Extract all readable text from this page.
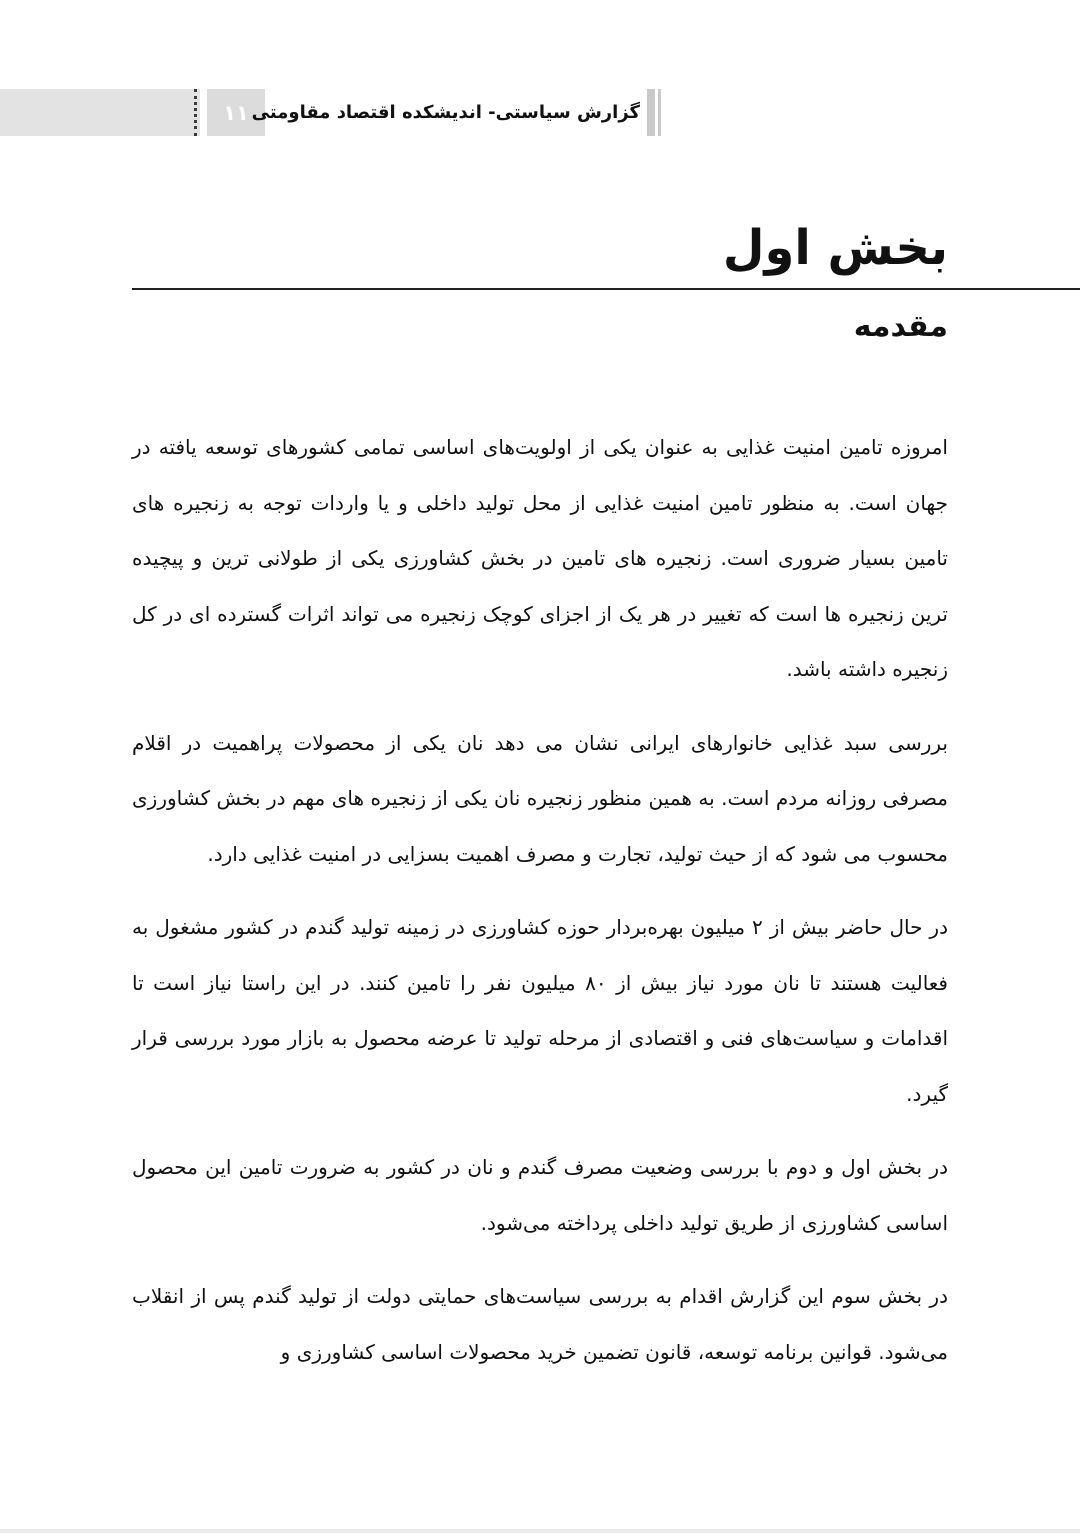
۱۱ گزارش سیاستی- اندیشکده اقتصاد مقاومتی
بخش اول
مقدمه

امروزه تامین امنیت غذایی به عنوان یکی از اولویت‌های اساسی تمامی کشورهای توسعه یافته در جهان است. به منظور تامین امنیت غذایی از محل تولید داخلی و یا واردات توجه به زنجیره های تامین بسیار ضروری است. زنجیره های تامین در بخش کشاورزی یکی از طولانی ترین و پیچیده ترین زنجیره ها است که تغییر در هر یک از اجزای کوچک زنجیره می تواند اثرات گسترده ای در کل زنجیره داشته باشد.

بررسی سبد غذایی خانوارهای ایرانی نشان می دهد نان یکی از محصولات پراهمیت در اقلام مصرفی روزانه مردم است. به همین منظور زنجیره نان یکی از زنجیره های مهم در بخش کشاورزی محسوب می شود که از حیث تولید، تجارت و مصرف اهمیت بسزایی در امنیت غذایی دارد.

در حال حاضر بیش از ۲ میلیون بهره‌بردار حوزه کشاورزی در زمینه تولید گندم در کشور مشغول به فعالیت هستند تا نان مورد نیاز بیش از ۸۰ میلیون نفر را تامین کنند. در این راستا نیاز است تا اقدامات و سیاست‌های فنی و اقتصادی از مرحله تولید تا عرضه محصول به بازار مورد بررسی قرار گیرد.

در بخش اول و دوم با بررسی وضعیت مصرف گندم و نان در کشور به ضرورت تامین این محصول اساسی کشاورزی از طریق تولید داخلی پرداخته می‌شود.

در بخش سوم این گزارش اقدام به بررسی سیاست‌های حمایتی دولت از تولید گندم پس از انقلاب می‌شود. قوانین برنامه توسعه، قانون تضمین خرید محصولات اساسی کشاورزی و
